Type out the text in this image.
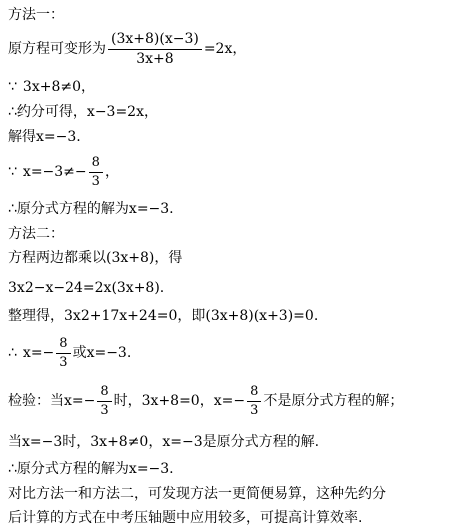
方法一：
原方程可变形为 $\frac{(3x+8)(x-3)}{3x+8} =2x$，
∵ 3x+8≠0，
∴ 约分可得， x−3=2x，
解得 x=−3.
∵ $x=-3\ne- \frac{8}{3}$ ，
∴ 原分式方程的解为 x=−3.
方法二：
方程两边都乘以 (3x+8) ，得
3x 2 −x−24=2x(3x+8).
整理得， 3x 2 +17x+24=0， 即 (3x+8)(x+3)=0.
∴ $x=- \frac{8}{3}$ 或 x=−3.
检验：当 $x=- \frac{8}{3}$ 时， 3x+8=0 ，$x=- \frac{8}{3}$ 不是原分式方程的解；
当 x=−3 时， 3x+8≠0，x=−3 是原分式方程的解.
∴ 原分式方程的解为 x=−3.
对比方法一和方法二，可发现方法一更简便易算，这种先约分
后计算的方式在中考压轴题中应用较多，可提高计算效率.
